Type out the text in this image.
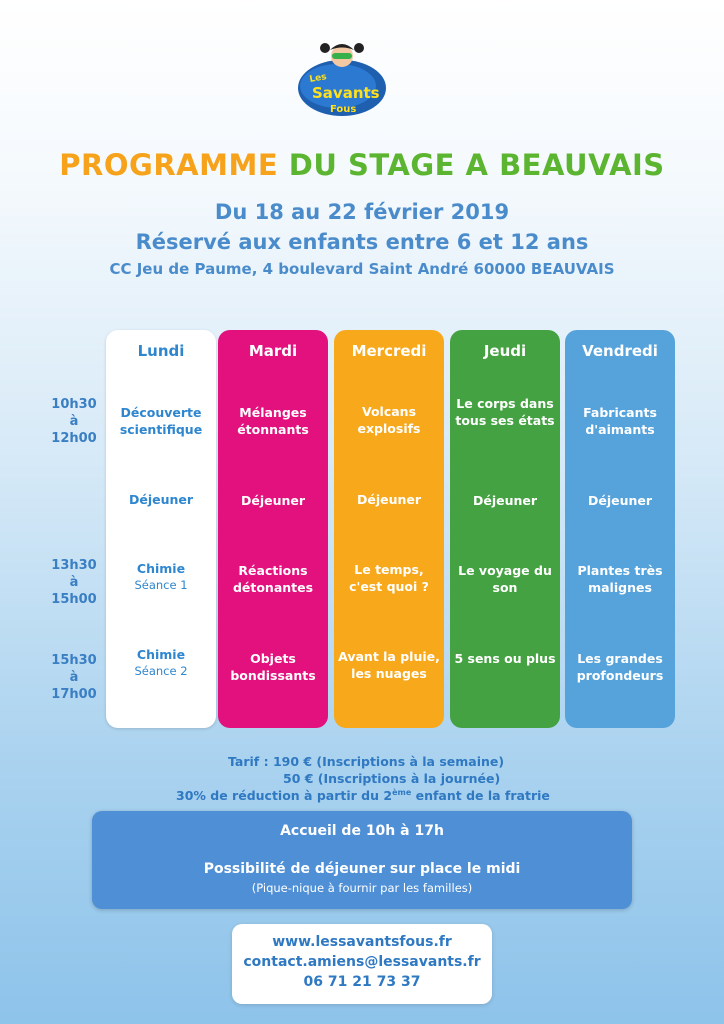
Les
Savants
Fous
PROGRAMME DU STAGE A BEAUVAIS
Du 18 au 22 février 2019
Réservé aux enfants entre 6 et 12 ans
CC Jeu de Paume, 4 boulevard Saint André 60000 BEAUVAIS
10h30
à
12h00
13h30
à
15h00
15h30
à
17h00
Lundi
Découverte scientifique
Déjeuner
Chimie
Séance 1
Chimie
Séance 2
Mardi
Mélanges étonnants
Déjeuner
Réactions détonantes
Objets bondissants
Mercredi
Volcans explosifs
Déjeuner
Le temps, c'est quoi ?
Avant la pluie, les nuages
Jeudi
Le corps dans tous ses états
Déjeuner
Le voyage du son
5 sens ou plus
Vendredi
Fabricants d'aimants
Déjeuner
Plantes très malignes
Les grandes profondeurs
Tarif : 190 € (Inscriptions à la semaine)
50 € (Inscriptions à la journée)
30% de réduction à partir du 2ème enfant de la fratrie
Accueil de 10h à 17h
Possibilité de déjeuner sur place le midi
(Pique-nique à fournir par les familles)
www.lessavantsfous.fr
contact.amiens@lessavants.fr
06 71 21 73 37
